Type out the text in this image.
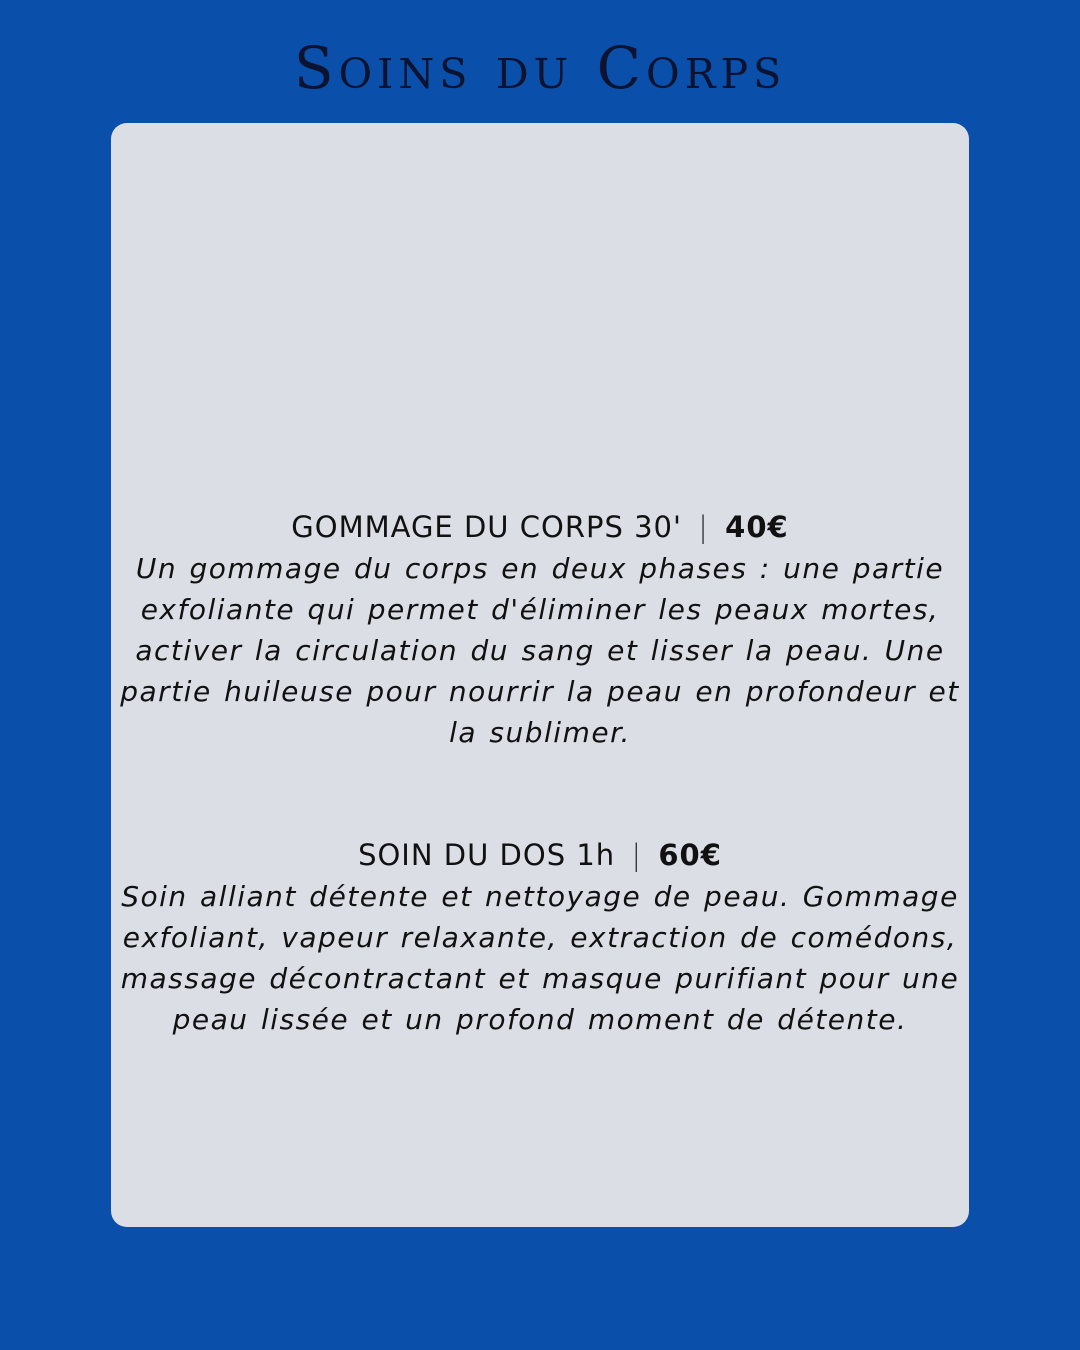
Soins du Corps

GOMMAGE DU CORPS 30' | 40€

Un gommage du corps en deux phases : une partie exfoliante qui permet d'éliminer les peaux mortes, activer la circulation du sang et lisser la peau. Une partie huileuse pour nourrir la peau en profondeur et la sublimer.

SOIN DU DOS 1h | 60€

Soin alliant détente et nettoyage de peau. Gommage exfoliant, vapeur relaxante, extraction de comédons, massage décontractant et masque purifiant pour une peau lissée et un profond moment de détente.
